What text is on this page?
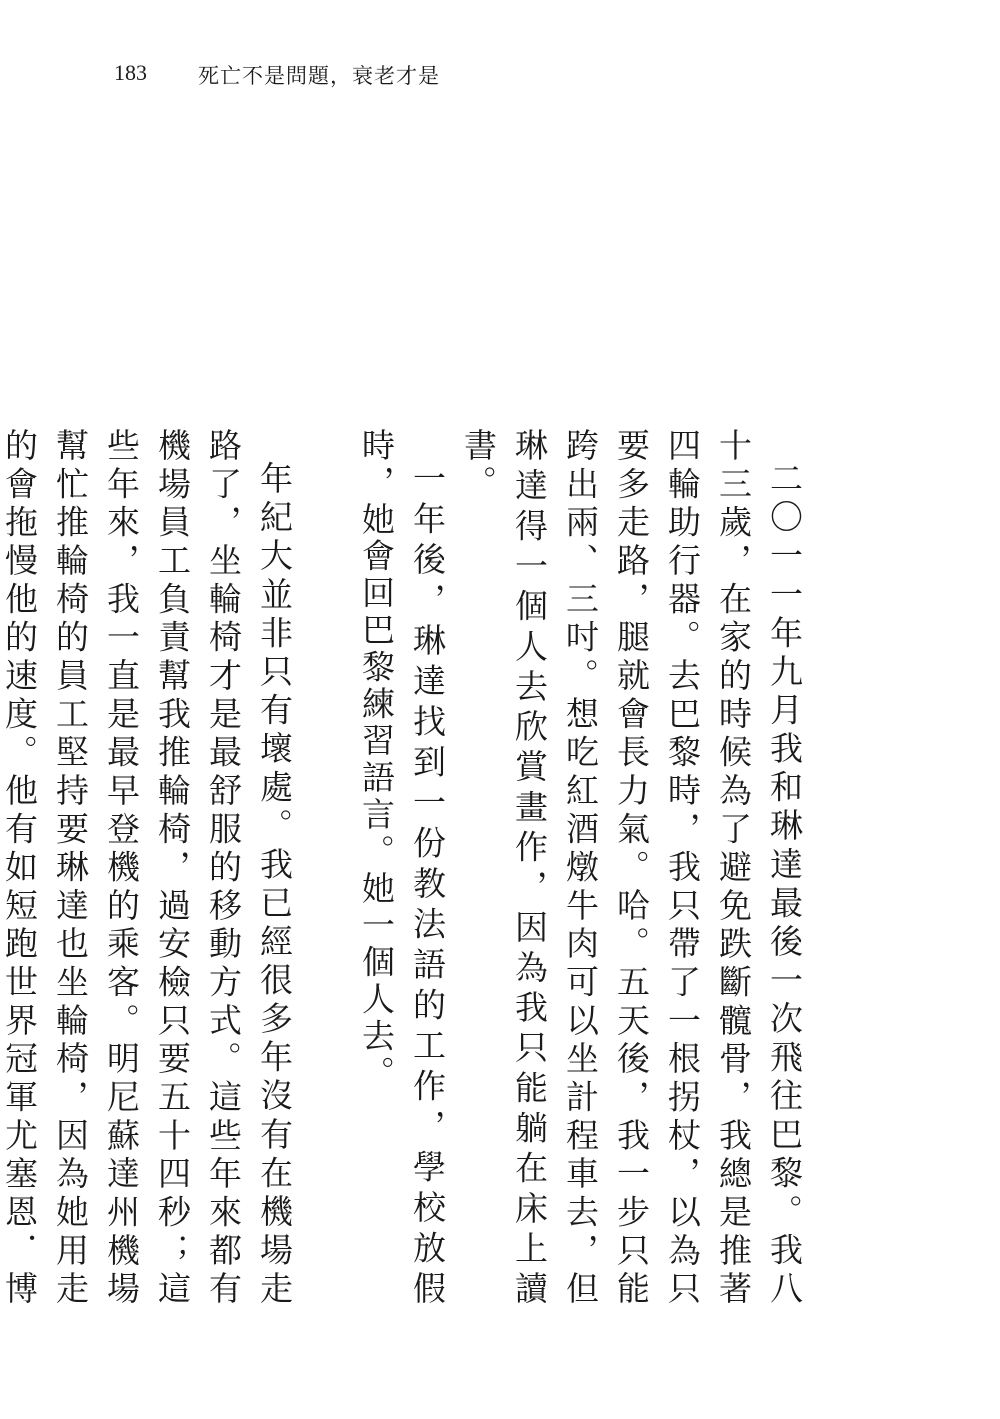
183 死亡不是問題，衰老才是

二〇一一年九月我和琳達最後一次飛往巴黎。我八十三歲，在家的時候為了避免跌斷髖骨，我總是推著四輪助行器。去巴黎時，我只帶了一根拐杖，以為只要多走路，腿就會長力氣。哈。五天後，我一步只能跨出兩、三吋。想吃紅酒燉牛肉可以坐計程車去，但琳達得一個人去欣賞畫作，因為我只能躺在床上讀書。

一年後，琳達找到一份教法語的工作，學校放假時，她會回巴黎練習語言。她一個人去。

年紀大並非只有壞處。我已經很多年沒有在機場走路了，坐輪椅才是最舒服的移動方式。這些年來都有機場員工負責幫我推輪椅，過安檢只要五十四秒；這些年來，我一直是最早登機的乘客。明尼蘇達州機場幫忙推輪椅的員工堅持要琳達也坐輪椅，因為她用走的會拖慢他的速度。他有如短跑世界冠軍尤塞恩．博
